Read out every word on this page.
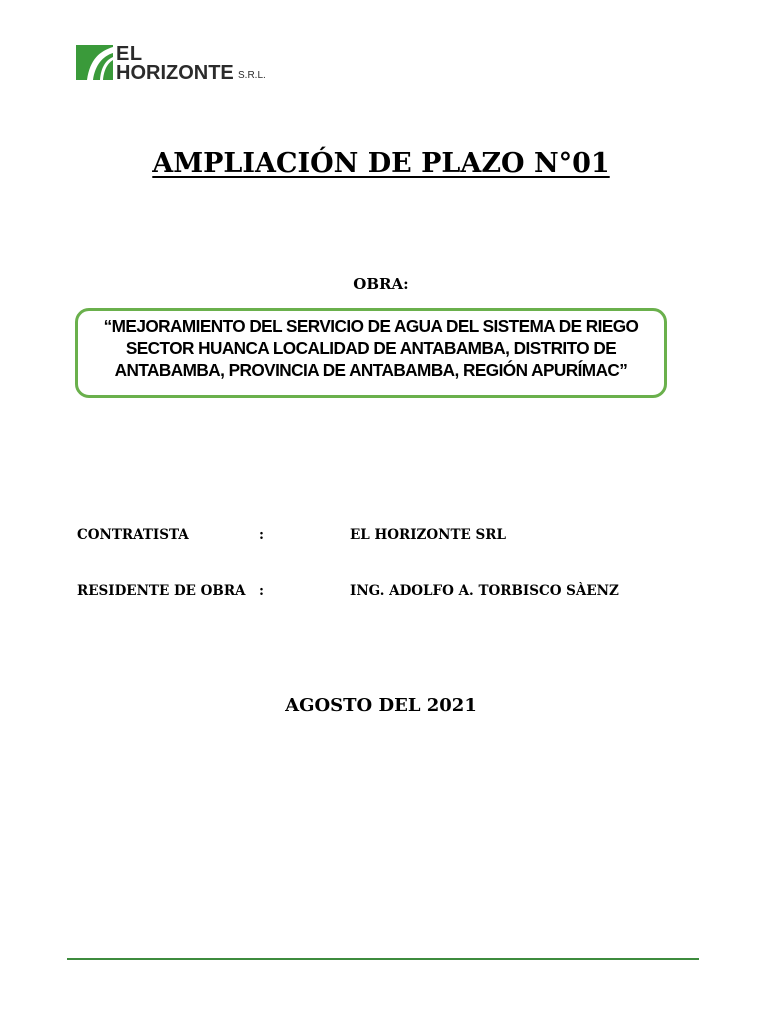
EL
HORIZONTE S.R.L.
AMPLIACIÓN DE PLAZO N°01
OBRA:
“MEJORAMIENTO DEL SERVICIO DE AGUA DEL SISTEMA DE RIEGO
SECTOR HUANCA LOCALIDAD DE ANTABAMBA, DISTRITO DE
ANTABAMBA, PROVINCIA DE ANTABAMBA, REGIÓN APURÍMAC”
CONTRATISTA	:	EL HORIZONTE SRL
RESIDENTE DE OBRA :	ING. ADOLFO A. TORBISCO SÀENZ
AGOSTO DEL 2021
